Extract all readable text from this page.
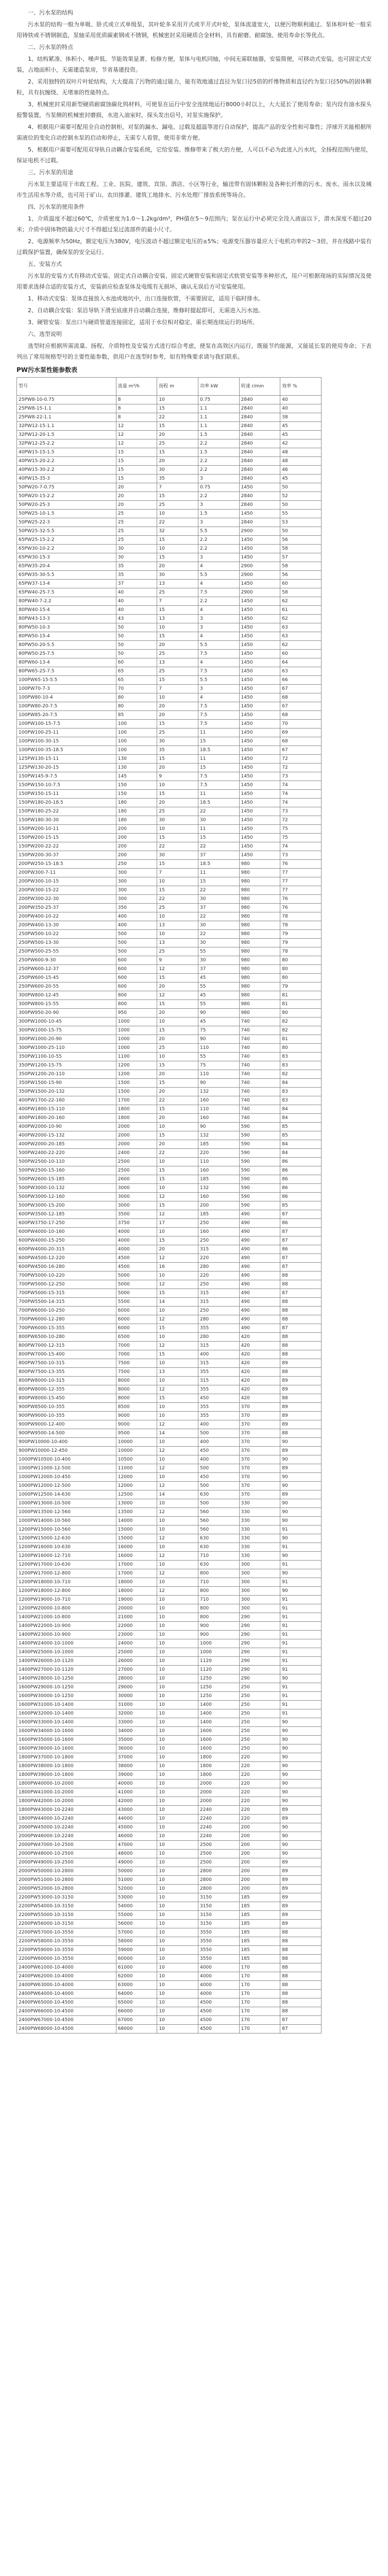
一、污水泵的结构

污水泵的结构一般为单吸、卧式或立式单级泵，其叶轮多采用开式或半开式叶轮，泵体流道宽大，以便污物顺利通过。泵体和叶轮一般采用铸铁或不锈钢制造，泵轴采用优质碳素钢或不锈钢，机械密封采用硬质合金材料，具有耐磨、耐腐蚀、使用寿命长等优点。

二、污水泵的特点

1、结构紧凑、体积小、噪声低、节能效果显著、检修方便，泵体与电机同轴，中间无需联轴器，安装简便，可移动式安装，也可固定式安装，占地面积小，无需建造泵房，节省基建投资。

2、采用独特的双叶片叶轮结构，大大提高了污物的通过能力，能有效地通过直径为泵口径5倍的纤维物质和直径约为泵口径50%的固体颗粒，具有抗缠绕、无堵塞的性能特点。

3、机械密封采用新型硬质耐腐蚀碳化钨材料，可使泵在运行中安全连续地运行8000小时以上，大大延长了使用寿命；泵内设有油水探头报警装置，当泵侧的机械密封磨损，水进入油室时，探头发出信号，对泵实施保护。

4、根据用户需要可配用全自动控制柜，对泵的漏水、漏电、过载及超温等进行自动保护，提高产品的安全性和可靠性；浮球开关能根据所需液位的变化自动控制水泵的启动和停止，无需专人看管，使用非常方便。

5、根据用户需要可配用双导轨自动耦合安装系统，它给安装、维修带来了极大的方便，人可以不必为此进入污水坑，全扬程范围内使用，保证电机不过载。

三、污水泵的用途

污水泵主要适用于市政工程、工业、医院、建筑、宾馆、酒店、小区等行业，输送带有固体颗粒及各种长纤维的污水、废水、雨水以及城市生活用水等介质，也可用于矿山、农田排灌、建筑工地排水、污水处理厂排放系统等场合。

四、污水泵的使用条件

1、介质温度不超过60℃，介质密度为1.0～1.2kg/dm³，PH值在5～9范围内；泵在运行中必须完全没入液面以下，潜水深度不超过20米；介质中固体物的最大尺寸不得超过泵过流部件的最小尺寸。

2、电源频率为50Hz，额定电压为380V，电压波动不超过额定电压的±5%；电源变压器容量应大于电机功率的2～3倍，并在线路中装有过载保护装置，确保泵的安全运行。

五、安装方式

污水泵的安装方式有移动式安装、固定式自动耦合安装、固定式硬管安装和固定式软管安装等多种形式，用户可根据现场的实际情况及使用要求选择合适的安装方式，安装前应检查泵体及电缆有无损坏，确认无误后方可安装使用。

1、移动式安装：泵体直接放入水池或地坑中，出口连接软管，不需要固定，适用于临时排水。

2、自动耦合安装：泵沿导轨下滑至底座并自动耦合连接，维修时提起即可，无需进入污水池。

3、硬管安装：泵出口与硬质管道连接固定，适用于水位相对稳定、需长期连续运行的场所。

六、选型说明

选型时应根据所需流量、扬程、介质特性及安装方式进行综合考虑，使泵在高效区内运行，既能节约能源，又能延长泵的使用寿命；下表列出了常用规格型号的主要性能参数，供用户在选型时参考，如有特殊要求请与我们联系。

PW污水泵性能参数表
型号	流量 m³/h	扬程 m	功率 kW	转速 r/min	效率 %
25PW8-10-0.75	8	10	0.75	2840	40
25PW8-15-1.1	8	15	1.1	2840	40
25PW8-22-1.1	8	22	1.1	2840	38
32PW12-15-1.1	12	15	1.1	2840	45
32PW12-20-1.5	12	20	1.5	2840	45
32PW12-25-2.2	12	25	2.2	2840	42
40PW15-15-1.5	15	15	1.5	2840	48
40PW15-20-2.2	15	20	2.2	2840	48
40PW15-30-2.2	15	30	2.2	2840	46
40PW15-35-3	15	35	3	2840	45
50PW20-7-0.75	20	7	0.75	1450	50
50PW20-15-2.2	20	15	2.2	2840	52
50PW20-25-3	20	25	3	2840	50
50PW25-10-1.5	25	10	1.5	1450	55
50PW25-22-3	25	22	3	2840	53
50PW25-32-5.5	25	32	5.5	2900	50
65PW25-15-2.2	25	15	2.2	1450	56
65PW30-10-2.2	30	10	2.2	1450	58
65PW30-15-3	30	15	3	1450	57
65PW35-20-4	35	20	4	2900	58
65PW35-30-5.5	35	30	5.5	2900	56
65PW37-13-4	37	13	4	1450	60
65PW40-25-7.5	40	25	7.5	2900	58
80PW40-7-2.2	40	7	2.2	1450	62
80PW40-15-4	40	15	4	1450	61
80PW43-13-3	43	13	3	1450	62
80PW50-10-3	50	10	3	1450	63
80PW50-15-4	50	15	4	1450	63
80PW50-20-5.5	50	20	5.5	1450	62
80PW50-25-7.5	50	25	7.5	1450	60
80PW60-13-4	60	13	4	1450	64
80PW65-25-7.5	65	25	7.5	1450	63
100PW65-15-5.5	65	15	5.5	1450	66
100PW70-7-3	70	7	3	1450	67
100PW80-10-4	80	10	4	1450	68
100PW80-20-7.5	80	20	7.5	1450	67
100PW85-20-7.5	85	20	7.5	1450	68
100PW100-15-7.5	100	15	7.5	1450	70
100PW100-25-11	100	25	11	1450	69
100PW100-30-15	100	30	15	1450	68
100PW100-35-18.5	100	35	18.5	1450	67
125PW130-15-11	130	15	11	1450	72
125PW130-20-15	130	20	15	1450	72
150PW145-9-7.5	145	9	7.5	1450	73
150PW150-10-7.5	150	10	7.5	1450	74
150PW150-15-11	150	15	11	1450	74
150PW180-20-18.5	180	20	18.5	1450	74
150PW180-25-22	180	25	22	1450	73
150PW180-30-30	180	30	30	1450	72
150PW200-10-11	200	10	11	1450	75
150PW200-15-15	200	15	15	1450	75
150PW200-22-22	200	22	22	1450	74
150PW200-30-37	200	30	37	1450	73
200PW250-15-18.5	250	15	18.5	980	76
200PW300-7-11	300	7	11	980	77
200PW300-10-15	300	10	15	980	77
200PW300-15-22	300	15	22	980	77
200PW300-22-30	300	22	30	980	76
200PW350-25-37	350	25	37	980	76
200PW400-10-22	400	10	22	980	78
200PW400-13-30	400	13	30	980	78
250PW500-10-22	500	10	22	980	79
250PW500-13-30	500	13	30	980	79
250PW500-25-55	500	25	55	980	78
250PW600-9-30	600	9	30	980	80
250PW600-12-37	600	12	37	980	80
250PW600-15-45	600	15	45	980	80
250PW600-20-55	600	20	55	980	79
300PW800-12-45	800	12	45	980	81
300PW800-15-55	800	15	55	980	81
300PW950-20-90	950	20	90	980	80
300PW1000-10-45	1000	10	45	740	82
300PW1000-15-75	1000	15	75	740	82
300PW1000-20-90	1000	20	90	740	81
300PW1000-25-110	1000	25	110	740	80
350PW1100-10-55	1100	10	55	740	83
350PW1200-15-75	1200	15	75	740	83
350PW1200-20-110	1200	20	110	740	82
350PW1500-15-90	1500	15	90	740	84
350PW1500-20-132	1500	20	132	740	83
400PW1700-22-160	1700	22	160	740	83
400PW1800-15-110	1800	15	110	740	84
400PW1800-20-160	1800	20	160	740	84
400PW2000-10-90	2000	10	90	590	85
400PW2000-15-132	2000	15	132	590	85
400PW2000-20-185	2000	20	185	590	84
500PW2400-22-220	2400	22	220	590	84
500PW2500-10-110	2500	10	110	590	86
500PW2500-15-160	2500	15	160	590	86
500PW2600-15-185	2600	15	185	590	86
500PW3000-10-132	3000	10	132	590	86
500PW3000-12-160	3000	12	160	590	86
500PW3000-15-200	3000	15	200	590	85
600PW3500-12-185	3500	12	185	490	87
600PW3750-17-250	3750	17	250	490	86
600PW4000-10-160	4000	10	160	490	87
600PW4000-15-250	4000	15	250	490	87
600PW4000-20-315	4000	20	315	490	86
600PW4500-12-220	4500	12	220	490	87
600PW4500-16-280	4500	16	280	490	87
700PW5000-10-220	5000	10	220	490	88
700PW5000-12-250	5000	12	250	490	88
700PW5000-15-315	5000	15	315	490	87
700PW5500-14-315	5500	14	315	490	88
700PW6000-10-250	6000	10	250	490	88
700PW6000-12-280	6000	12	280	490	88
700PW6000-15-355	6000	15	355	490	87
800PW6500-10-280	6500	10	280	420	88
800PW7000-12-315	7000	12	315	420	88
800PW7000-15-400	7000	15	400	420	88
800PW7500-10-315	7500	10	315	420	89
800PW7500-13-355	7500	13	355	420	88
800PW8000-10-315	8000	10	315	420	89
800PW8000-12-355	8000	12	355	420	89
800PW8000-15-450	8000	15	450	420	88
900PW8500-10-355	8500	10	355	370	89
900PW9000-10-355	9000	10	355	370	89
900PW9000-12-400	9000	12	400	370	89
900PW9500-14-500	9500	14	500	370	88
900PW10000-10-400	10000	10	400	370	90
900PW10000-12-450	10000	12	450	370	89
1000PW10500-10-400	10500	10	400	370	90
1000PW11000-12-500	11000	12	500	370	89
1000PW12000-10-450	12000	10	450	370	90
1000PW12000-12-500	12000	12	500	370	90
1000PW12500-14-630	12500	14	630	370	89
1000PW13000-10-500	13000	10	500	330	90
1000PW13500-12-560	13500	12	560	330	90
1000PW14000-10-560	14000	10	560	330	90
1200PW15000-10-560	15000	10	560	330	91
1200PW15000-12-630	15000	12	630	330	90
1200PW16000-10-630	16000	10	630	330	91
1200PW16000-12-710	16000	12	710	330	90
1200PW17000-10-630	17000	10	630	300	91
1200PW17000-12-800	17000	12	800	300	90
1200PW18000-10-710	18000	10	710	300	91
1200PW18000-12-800	18000	12	800	300	90
1200PW19000-10-710	19000	10	710	300	91
1200PW20000-10-800	20000	10	800	300	91
1400PW21000-10-800	21000	10	800	290	91
1400PW22000-10-900	22000	10	900	290	91
1400PW23000-10-900	23000	10	900	290	91
1400PW24000-10-1000	24000	10	1000	290	91
1400PW25000-10-1000	25000	10	1000	290	91
1400PW26000-10-1120	26000	10	1120	290	91
1400PW27000-10-1120	27000	10	1120	290	91
1400PW28000-10-1250	28000	10	1250	290	90
1600PW29000-10-1250	29000	10	1250	250	91
1600PW30000-10-1250	30000	10	1250	250	91
1600PW31000-10-1400	31000	10	1400	250	91
1600PW32000-10-1400	32000	10	1400	250	91
1600PW33000-10-1400	33000	10	1400	250	90
1600PW34000-10-1600	34000	10	1600	250	90
1600PW35000-10-1600	35000	10	1600	250	90
1600PW36000-10-1600	36000	10	1600	250	90
1800PW37000-10-1800	37000	10	1800	220	90
1800PW38000-10-1800	38000	10	1800	220	90
1800PW39000-10-1800	39000	10	1800	220	90
1800PW40000-10-2000	40000	10	2000	220	90
1800PW41000-10-2000	41000	10	2000	220	90
1800PW42000-10-2000	42000	10	2000	220	90
1800PW43000-10-2240	43000	10	2240	220	89
1800PW44000-10-2240	44000	10	2240	220	89
2000PW45000-10-2240	45000	10	2240	200	90
2000PW46000-10-2240	46000	10	2240	200	90
2000PW47000-10-2500	47000	10	2500	200	90
2000PW48000-10-2500	48000	10	2500	200	90
2000PW49000-10-2500	49000	10	2500	200	89
2000PW50000-10-2800	50000	10	2800	200	89
2000PW51000-10-2800	51000	10	2800	200	89
2000PW52000-10-2800	52000	10	2800	200	89
2200PW53000-10-3150	53000	10	3150	185	89
2200PW54000-10-3150	54000	10	3150	185	89
2200PW55000-10-3150	55000	10	3150	185	89
2200PW56000-10-3150	56000	10	3150	185	89
2200PW57000-10-3550	57000	10	3550	185	88
2200PW58000-10-3550	58000	10	3550	185	88
2200PW59000-10-3550	59000	10	3550	185	88
2200PW60000-10-3550	60000	10	3550	185	88
2400PW61000-10-4000	61000	10	4000	170	88
2400PW62000-10-4000	62000	10	4000	170	88
2400PW63000-10-4000	63000	10	4000	170	88
2400PW64000-10-4000	64000	10	4000	170	88
2400PW65000-10-4500	65000	10	4500	170	88
2400PW66000-10-4500	66000	10	4500	170	88
2400PW67000-10-4500	67000	10	4500	170	87
2400PW68000-10-4500	68000	10	4500	170	87
